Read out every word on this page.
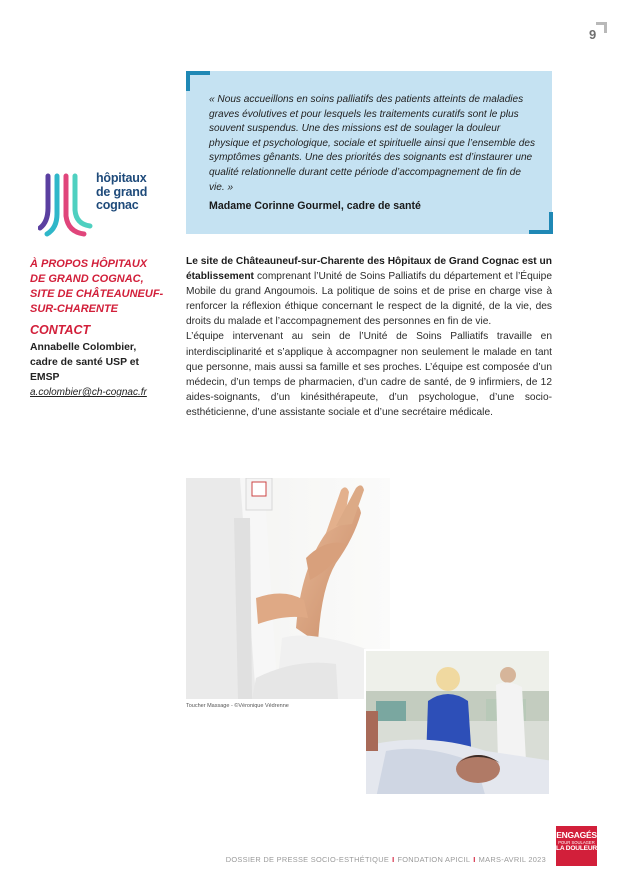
9

« Nous accueillons en soins palliatifs des patients atteints de maladies graves évolutives et pour lesquels les traitements curatifs sont le plus souvent suspendus. Une des missions est de soulager la douleur physique et psychologique, sociale et spirituelle ainsi que l’ensemble des symptômes gênants. Une des priorités des soignants est d’instaurer une qualité relationnelle durant cette période d’accompagnement de fin de vie. »

Madame Corinne Gourmel, cadre de santé

hôpitaux
de grand
cognac
À PROPOS HÔPITAUX DE GRAND COGNAC, SITE DE CHÂTEAUNEUF-SUR-CHARENTE
CONTACT
Annabelle Colombier, cadre de santé USP et EMSP
a.colombier@ch-cognac.fr

Le site de Châteauneuf-sur-Charente des Hôpitaux de Grand Cognac est un établissement comprenant l’Unité de Soins Palliatifs du département et l’Équipe Mobile du grand Angoumois. La politique de soins et de prise en charge vise à renforcer la réflexion éthique concernant le respect de la dignité, de la vie, des droits du malade et l’accompagnement des personnes en fin de vie.

L’équipe intervenant au sein de l’Unité de Soins Palliatifs travaille en interdisciplinarité et s’applique à accompagner non seulement le malade en tant que personne, mais aussi sa famille et ses proches. L’équipe est composée d’un médecin, d’un temps de pharmacien, d’un cadre de santé, de 9 infirmiers, de 12 aides-soignants, d’un kinésithérapeute, d’un psychologue, d’une socio-esthéticienne, d’une assistante sociale et d’une secrétaire médicale.

Toucher Massage - ©Véronique Védrenne
DOSSIER DE PRESSE SOCIO-ESTHÉTIQUE I FONDATION APICIL I MARS-AVRIL 2023
ENGAGÉS
POUR SOULAGER
LA DOULEUR
